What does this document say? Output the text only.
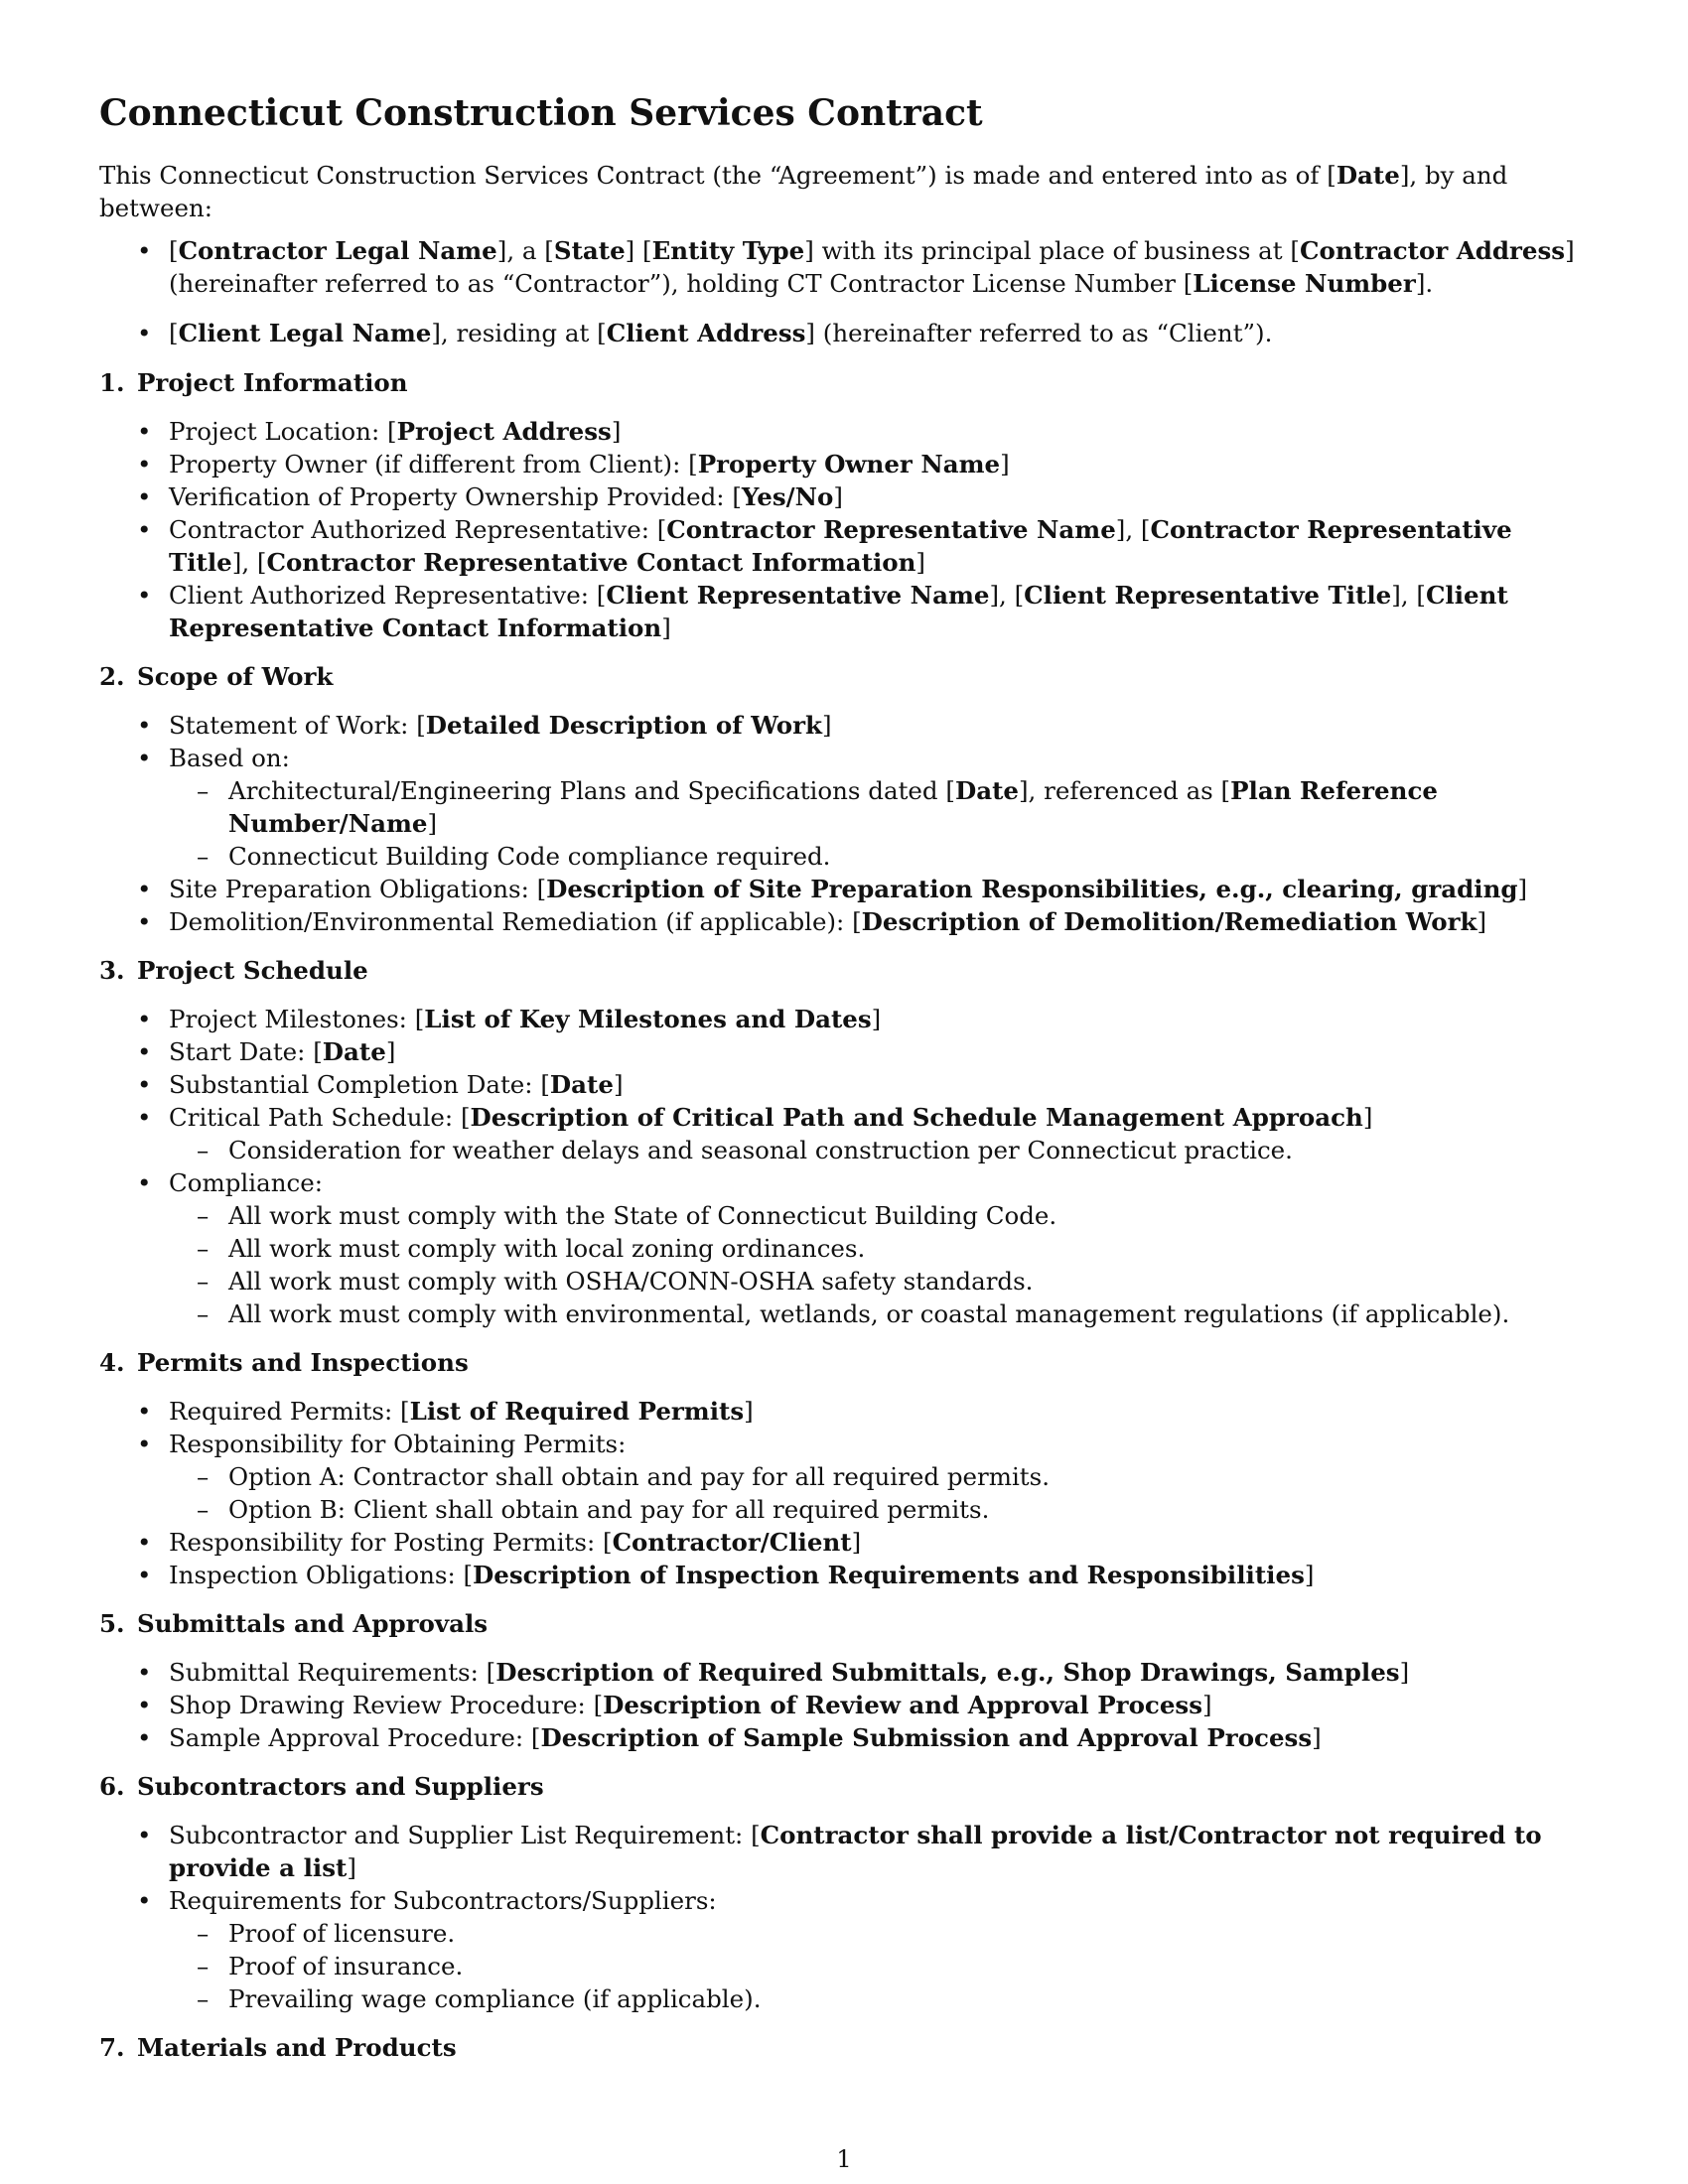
Connecticut Construction Services Contract

This Connecticut Construction Services Contract (the “Agreement”) is made and entered into as of [Date], by and between:

• [Contractor Legal Name], a [State] [Entity Type] with its principal place of business at [Contractor Address] (hereinafter referred to as “Contractor”), holding CT Contractor License Number [License Number].
• [Client Legal Name], residing at [Client Address] (hereinafter referred to as “Client”).
1. Project Information
• Project Location: [Project Address]
• Property Owner (if different from Client): [Property Owner Name]
• Verification of Property Ownership Provided: [Yes/No]
• Contractor Authorized Representative: [Contractor Representative Name], [Contractor Representative Title], [Contractor Representative Contact Information]
• Client Authorized Representative: [Client Representative Name], [Client Representative Title], [Client Representative Contact Information]
2. Scope of Work
• Statement of Work: [Detailed Description of Work]
• Based on:
– Architectural/Engineering Plans and Specifications dated [Date], referenced as [Plan Reference Number/Name]
– Connecticut Building Code compliance required.
• Site Preparation Obligations: [Description of Site Preparation Responsibilities, e.g., clearing, grading]
• Demolition/Environmental Remediation (if applicable): [Description of Demolition/Remediation Work]
3. Project Schedule
• Project Milestones: [List of Key Milestones and Dates]
• Start Date: [Date]
• Substantial Completion Date: [Date]
• Critical Path Schedule: [Description of Critical Path and Schedule Management Approach]
– Consideration for weather delays and seasonal construction per Connecticut practice.
• Compliance:
– All work must comply with the State of Connecticut Building Code.
– All work must comply with local zoning ordinances.
– All work must comply with OSHA/CONN-OSHA safety standards.
– All work must comply with environmental, wetlands, or coastal management regulations (if applicable).
4. Permits and Inspections
• Required Permits: [List of Required Permits]
• Responsibility for Obtaining Permits:
– Option A: Contractor shall obtain and pay for all required permits.
– Option B: Client shall obtain and pay for all required permits.
• Responsibility for Posting Permits: [Contractor/Client]
• Inspection Obligations: [Description of Inspection Requirements and Responsibilities]
5. Submittals and Approvals
• Submittal Requirements: [Description of Required Submittals, e.g., Shop Drawings, Samples]
• Shop Drawing Review Procedure: [Description of Review and Approval Process]
• Sample Approval Procedure: [Description of Sample Submission and Approval Process]
6. Subcontractors and Suppliers
• Subcontractor and Supplier List Requirement: [Contractor shall provide a list/Contractor not required to provide a list]
• Requirements for Subcontractors/Suppliers:
– Proof of licensure.
– Proof of insurance.
– Prevailing wage compliance (if applicable).
7. Materials and Products
1
